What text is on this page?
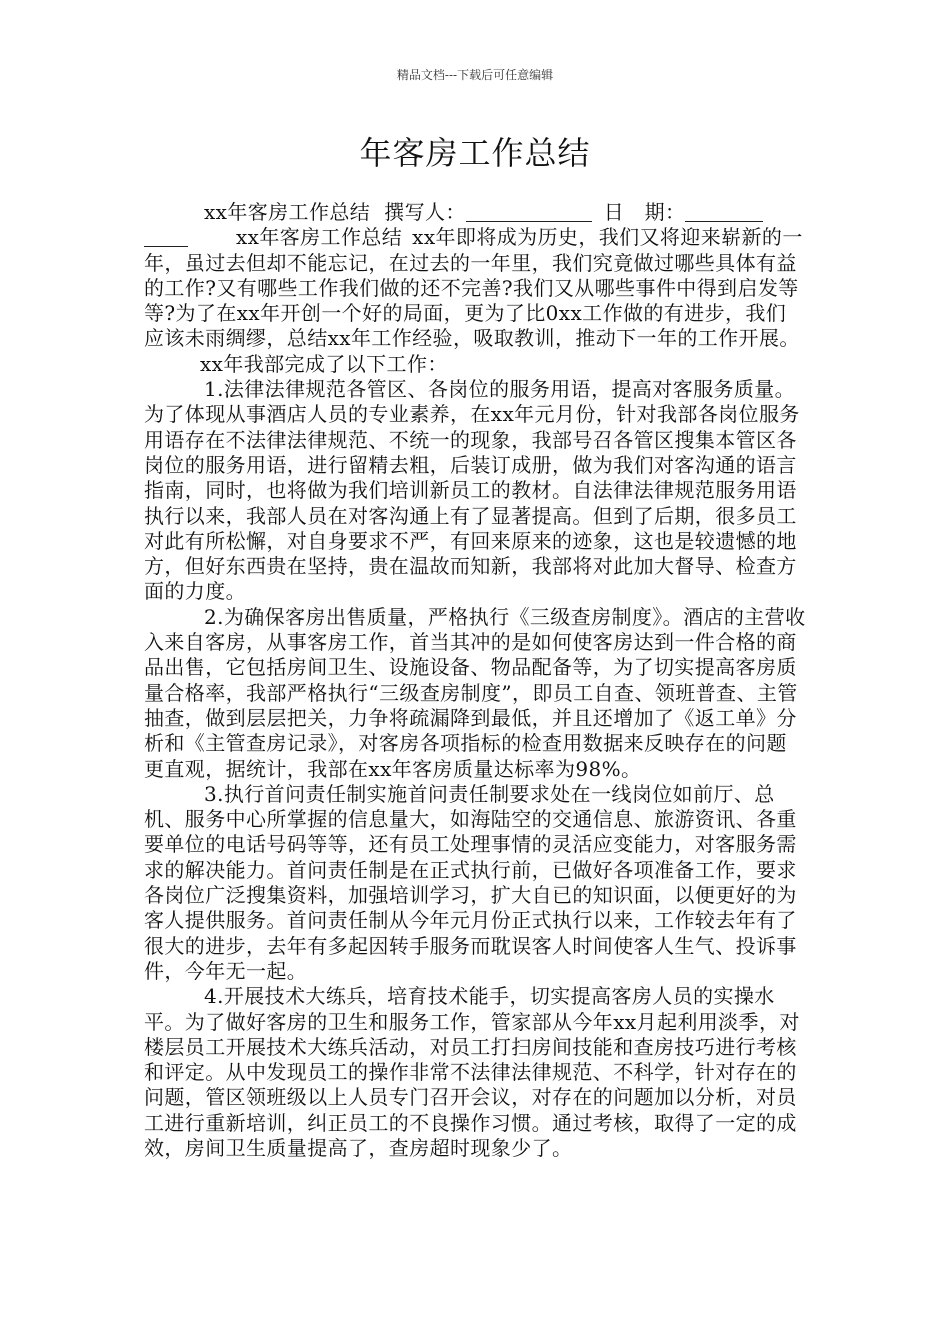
精品文档---下载后可任意编辑
年客房工作总结

xx年客房工作总结 撰写人：	日　期：xx年客房工作总结 xx年即将成为历史，我们又将迎来崭新的一年，虽过去但却不能忘记，在过去的一年里，我们究竟做过哪些具体有益的工作?又有哪些工作我们做的还不完善?我们又从哪些事件中得到启发等等?为了在xx年开创一个好的局面，更为了比0xx工作做的有进步，我们应该未雨绸缪，总结xx年工作经验，吸取教训，推动下一年的工作开展。

xx年我部完成了以下工作：

1.法律法律规范各管区、各岗位的服务用语，提高对客服务质量。为了体现从事酒店人员的专业素养，在xx年元月份，针对我部各岗位服务用语存在不法律法律规范、不统一的现象，我部号召各管区搜集本管区各岗位的服务用语，进行留精去粗，后装订成册，做为我们对客沟通的语言指南，同时，也将做为我们培训新员工的教材。自法律法律规范服务用语执行以来，我部人员在对客沟通上有了显著提高。但到了后期，很多员工对此有所松懈，对自身要求不严，有回来原来的迹象，这也是较遗憾的地方，但好东西贵在坚持，贵在温故而知新，我部将对此加大督导、检查方面的力度。

2.为确保客房出售质量，严格执行《三级查房制度》。酒店的主营收入来自客房，从事客房工作，首当其冲的是如何使客房达到一件合格的商品出售，它包括房间卫生、设施设备、物品配备等，为了切实提高客房质量合格率，我部严格执行“三级查房制度”，即员工自查、领班普查、主管抽查，做到层层把关，力争将疏漏降到最低，并且还增加了《返工单》分析和《主管查房记录》，对客房各项指标的检查用数据来反映存在的问题更直观，据统计，我部在xx年客房质量达标率为98%。

3.执行首问责任制实施首问责任制要求处在一线岗位如前厅、总机、服务中心所掌握的信息量大，如海陆空的交通信息、旅游资讯、各重要单位的电话号码等等，还有员工处理事情的灵活应变能力，对客服务需求的解决能力。首问责任制是在正式执行前，已做好各项准备工作，要求各岗位广泛搜集资料，加强培训学习，扩大自已的知识面，以便更好的为客人提供服务。首问责任制从今年元月份正式执行以来，工作较去年有了很大的进步，去年有多起因转手服务而耽误客人时间使客人生气、投诉事件，今年无一起。

4.开展技术大练兵，培育技术能手，切实提高客房人员的实操水平。为了做好客房的卫生和服务工作，管家部从今年xx月起利用淡季，对楼层员工开展技术大练兵活动，对员工打扫房间技能和查房技巧进行考核和评定。从中发现员工的操作非常不法律法律规范、不科学，针对存在的问题，管区领班级以上人员专门召开会议，对存在的问题加以分析，对员工进行重新培训，纠正员工的不良操作习惯。通过考核，取得了一定的成效，房间卫生质量提高了，查房超时现象少了。
